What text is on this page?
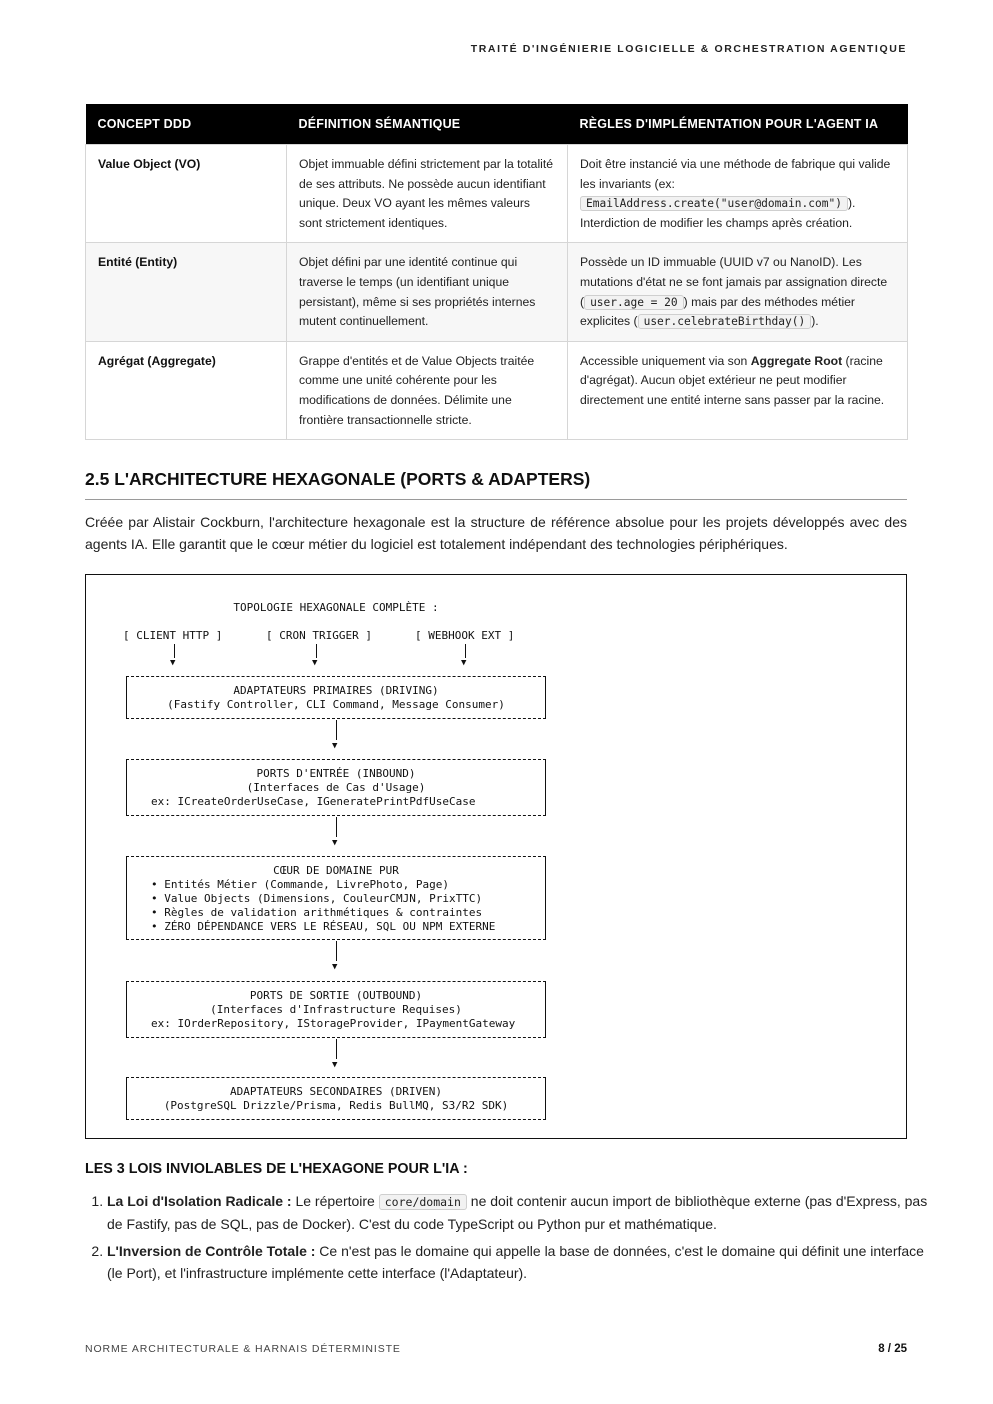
TRAITÉ D'INGÉNIERIE LOGICIELLE & ORCHESTRATION AGENTIQUE
CONCEPT DDD	DÉFINITION SÉMANTIQUE	RÈGLES D'IMPLÉMENTATION POUR L'AGENT IA
Value Object (VO)	Objet immuable défini strictement par la totalité de ses attributs. Ne possède aucun identifiant unique. Deux VO ayant les mêmes valeurs sont strictement identiques.	Doit être instancié via une méthode de fabrique qui valide les invariants (ex: EmailAddress.create("user@domain.com") ). Interdiction de modifier les champs après création.
Entité (Entity)	Objet défini par une identité continue qui traverse le temps (un identifiant unique persistant), même si ses propriétés internes mutent continuellement.	Possède un ID immuable (UUID v7 ou NanoID). Les mutations d'état ne se font jamais par assignation directe ( user.age = 20 ) mais par des méthodes métier explicites ( user.celebrateBirthday() ).
Agrégat (Aggregate)	Grappe d'entités et de Value Objects traitée comme une unité cohérente pour les modifications de données. Délimite une frontière transactionnelle stricte.	Accessible uniquement via son Aggregate Root (racine d'agrégat). Aucun objet extérieur ne peut modifier directement une entité interne sans passer par la racine.
2.5 L'ARCHITECTURE HEXAGONALE (PORTS & ADAPTERS)

Créée par Alistair Cockburn, l'architecture hexagonale est la structure de référence absolue pour les projets développés avec des agents IA. Elle garantit que le cœur métier du logiciel est totalement indépendant des technologies périphériques.

TOPOLOGIE HEXAGONALE COMPLÈTE :
[ CLIENT HTTP ]	[ CRON TRIGGER ]	[ WEBHOOK EXT ]
▼	▼	▼
ADAPTATEURS PRIMAIRES (DRIVING)
(Fastify Controller, CLI Command, Message Consumer)
▼
PORTS D'ENTRÉE (INBOUND)
(Interfaces de Cas d'Usage)
ex: ICreateOrderUseCase, IGeneratePrintPdfUseCase
▼
CŒUR DE DOMAINE PUR
• Entités Métier (Commande, LivrePhoto, Page)
• Value Objects (Dimensions, CouleurCMJN, PrixTTC)
• Règles de validation arithmétiques & contraintes
• ZÉRO DÉPENDANCE VERS LE RÉSEAU, SQL OU NPM EXTERNE
▼
PORTS DE SORTIE (OUTBOUND)
(Interfaces d'Infrastructure Requises)
ex: IOrderRepository, IStorageProvider, IPaymentGateway
▼
ADAPTATEURS SECONDAIRES (DRIVEN)
(PostgreSQL Drizzle/Prisma, Redis BullMQ, S3/R2 SDK)
LES 3 LOIS INVIOLABLES DE L'HEXAGONE POUR L'IA :
1. La Loi d'Isolation Radicale : Le répertoire core/domain ne doit contenir aucun import de bibliothèque externe (pas d'Express, pas de Fastify, pas de SQL, pas de Docker). C'est du code TypeScript ou Python pur et mathématique.
2. L'Inversion de Contrôle Totale : Ce n'est pas le domaine qui appelle la base de données, c'est le domaine qui définit une interface (le Port), et l'infrastructure implémente cette interface (l'Adaptateur).
NORME ARCHITECTURALE & HARNAIS DÉTERMINISTE	8 / 25
